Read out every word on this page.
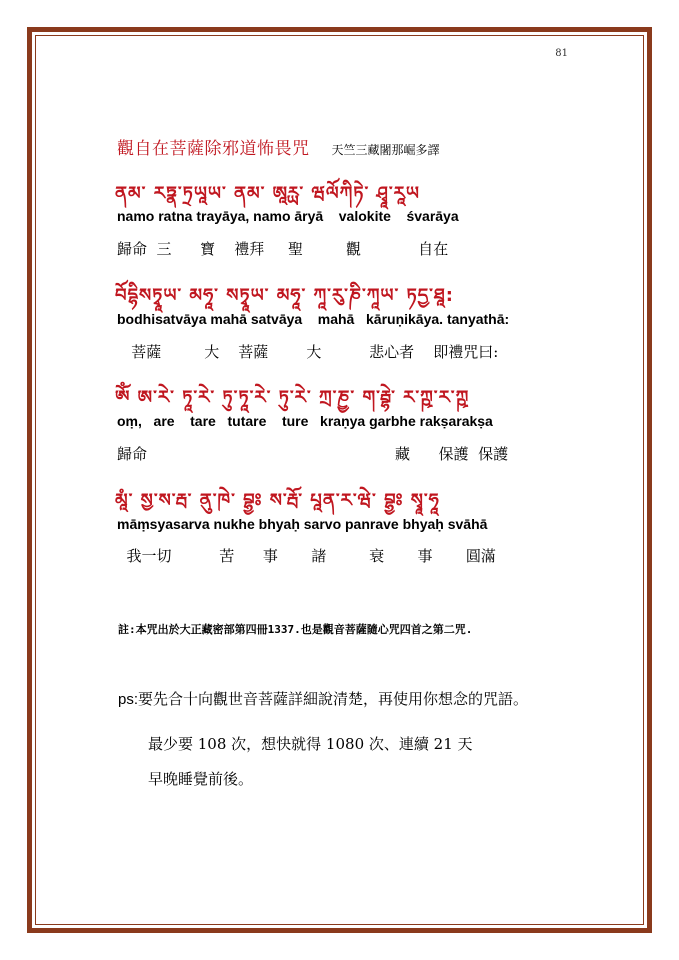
81
觀自在菩薩除邪道怖畏咒 天竺三藏闍那崛多譯
ནམ་ རཏྣ་ཏྲཡཱཡ་ ནམ་ ཨཱཪྻ་ ཝལོཀིཏེ་ ཤྭཱ་རཱཡ
namo ratna trayāya, namo āryā    valokite    śvarāya
歸命  三      寶    禮拜     聖         觀            自在
བོདྷིསཏྭཱཡ་ མཧཱ་ སཏྭཱཡ་ མཧཱ་ ཀཱ་རུ་ཎི་ཀཱཡ་ ཏདྱ་ཐཱ:
bodhisatvāya mahā satvāya    mahā   kāruṇikāya. tanyathā:
菩薩         大    菩薩        大          悲心者    即禮咒曰:
ཨོཾ ཨ་རེ་ ཏཱ་རེ་ ཏུ་ཏཱ་རེ་ ཏུ་རེ་ ཀྲ་ཎྱ་ ག་རྦྷེ་ ར་ཀྵ་ར་ཀྵ
oṃ,   are    tare   tutare    ture   kraṇya garbhe rakṣarakṣa
歸命                                                    藏      保護  保護
མཱཾ་ སྱ་ས་རྦ་ ནུ་ཁེ་ བྷྱཿ ས་རྦོ་ པཱན་ར་ཝེ་ བྷྱཿ སྭཱ་ཧཱ
māṃsyasarva nukhe bhyaḥ sarvo panrave bhyaḥ svāhā
我一切          苦      事       諸         衰       事       圓滿
註:本咒出於大正藏密部第四冊1337.也是觀音菩薩隨心咒四首之第二咒.
ps:要先合十向觀世音菩薩詳細說清楚，再使用你想念的咒語。
最少要 108 次，想快就得 1080 次、連續 21 天
早晚睡覺前後。
